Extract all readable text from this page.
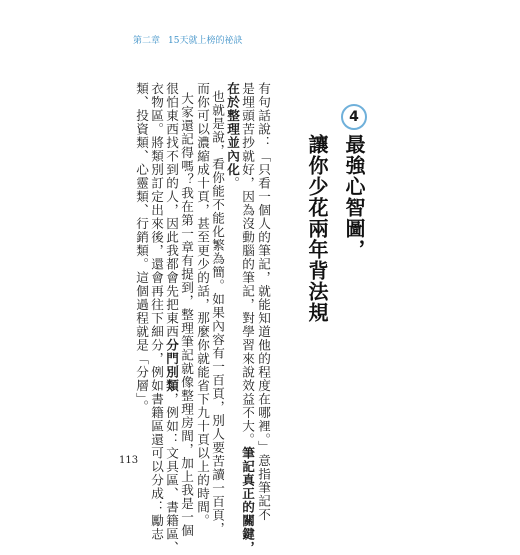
第二章 15天就上榜的祕訣
4
最強心智圖，
讓你少花兩年背法規
有句話說：「只看一個人的筆記，就能知道他的程度在哪裡。」意指筆記不
是埋頭苦抄就好，因為沒動腦的筆記，對學習來說效益不大。筆記真正的關鍵，
在於整理並內化。
也就是說，看你能不能化繁為簡。如果內容有一百頁，別人要苦讀一百頁，
而你可以濃縮成十頁，甚至更少的話，那麼你就能省下九十頁以上的時間。
大家還記得嗎？我在第一章有提到，整理筆記就像整理房間，加上我是一個
很怕東西找不到的人，因此我都會先把東西分門別類，例如：文具區、書籍區、
衣物區。將類別訂定出來後，還會再往下細分，例如書籍區還可以分成：勵志
類、投資類、心靈類、行銷類。這個過程就是「分層」。
113
